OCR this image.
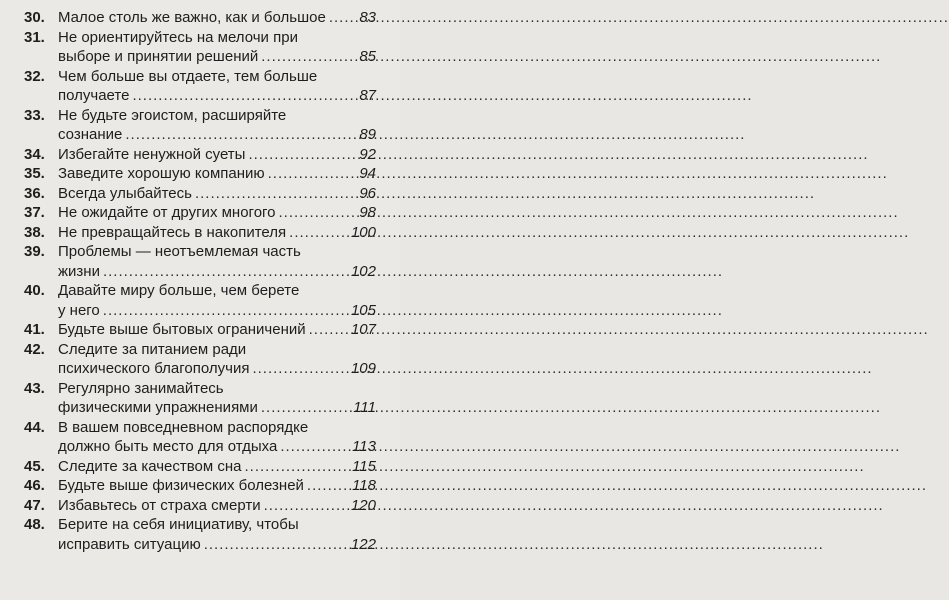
30. Малое столь же важно, как и большое ..... 83
31. Не ориентируйтесь на мелочи при
выборе и принятии решений .....	85
32. Чем больше вы отдаете, тем больше
получаете .....	87
33. Не будьте эгоистом, расширяйте
сознание .....	89
34. Избегайте ненужной суеты .....	92
35. Заведите хорошую компанию .....	94
36. Всегда улыбайтесь .....	96
37. Не ожидайте от других многого .....	98
38. Не превращайтесь в накопителя .....	100
39. Проблемы — неотъемлемая часть
жизни .....	102
40. Давайте миру больше, чем берете
у него .....	105
41. Будьте выше бытовых ограничений .....	107
42. Следите за питанием ради
психического благополучия .....	109
43. Регулярно занимайтесь
физическими упражнениями .....	111
44. В вашем повседневном распорядке
должно быть место для отдыха .....	113
45. Следите за качеством сна .....	115
46. Будьте выше физических болезней .....	118
47. Избавьтесь от страха смерти .....	120
48. Берите на себя инициативу, чтобы
исправить ситуацию .....	122
